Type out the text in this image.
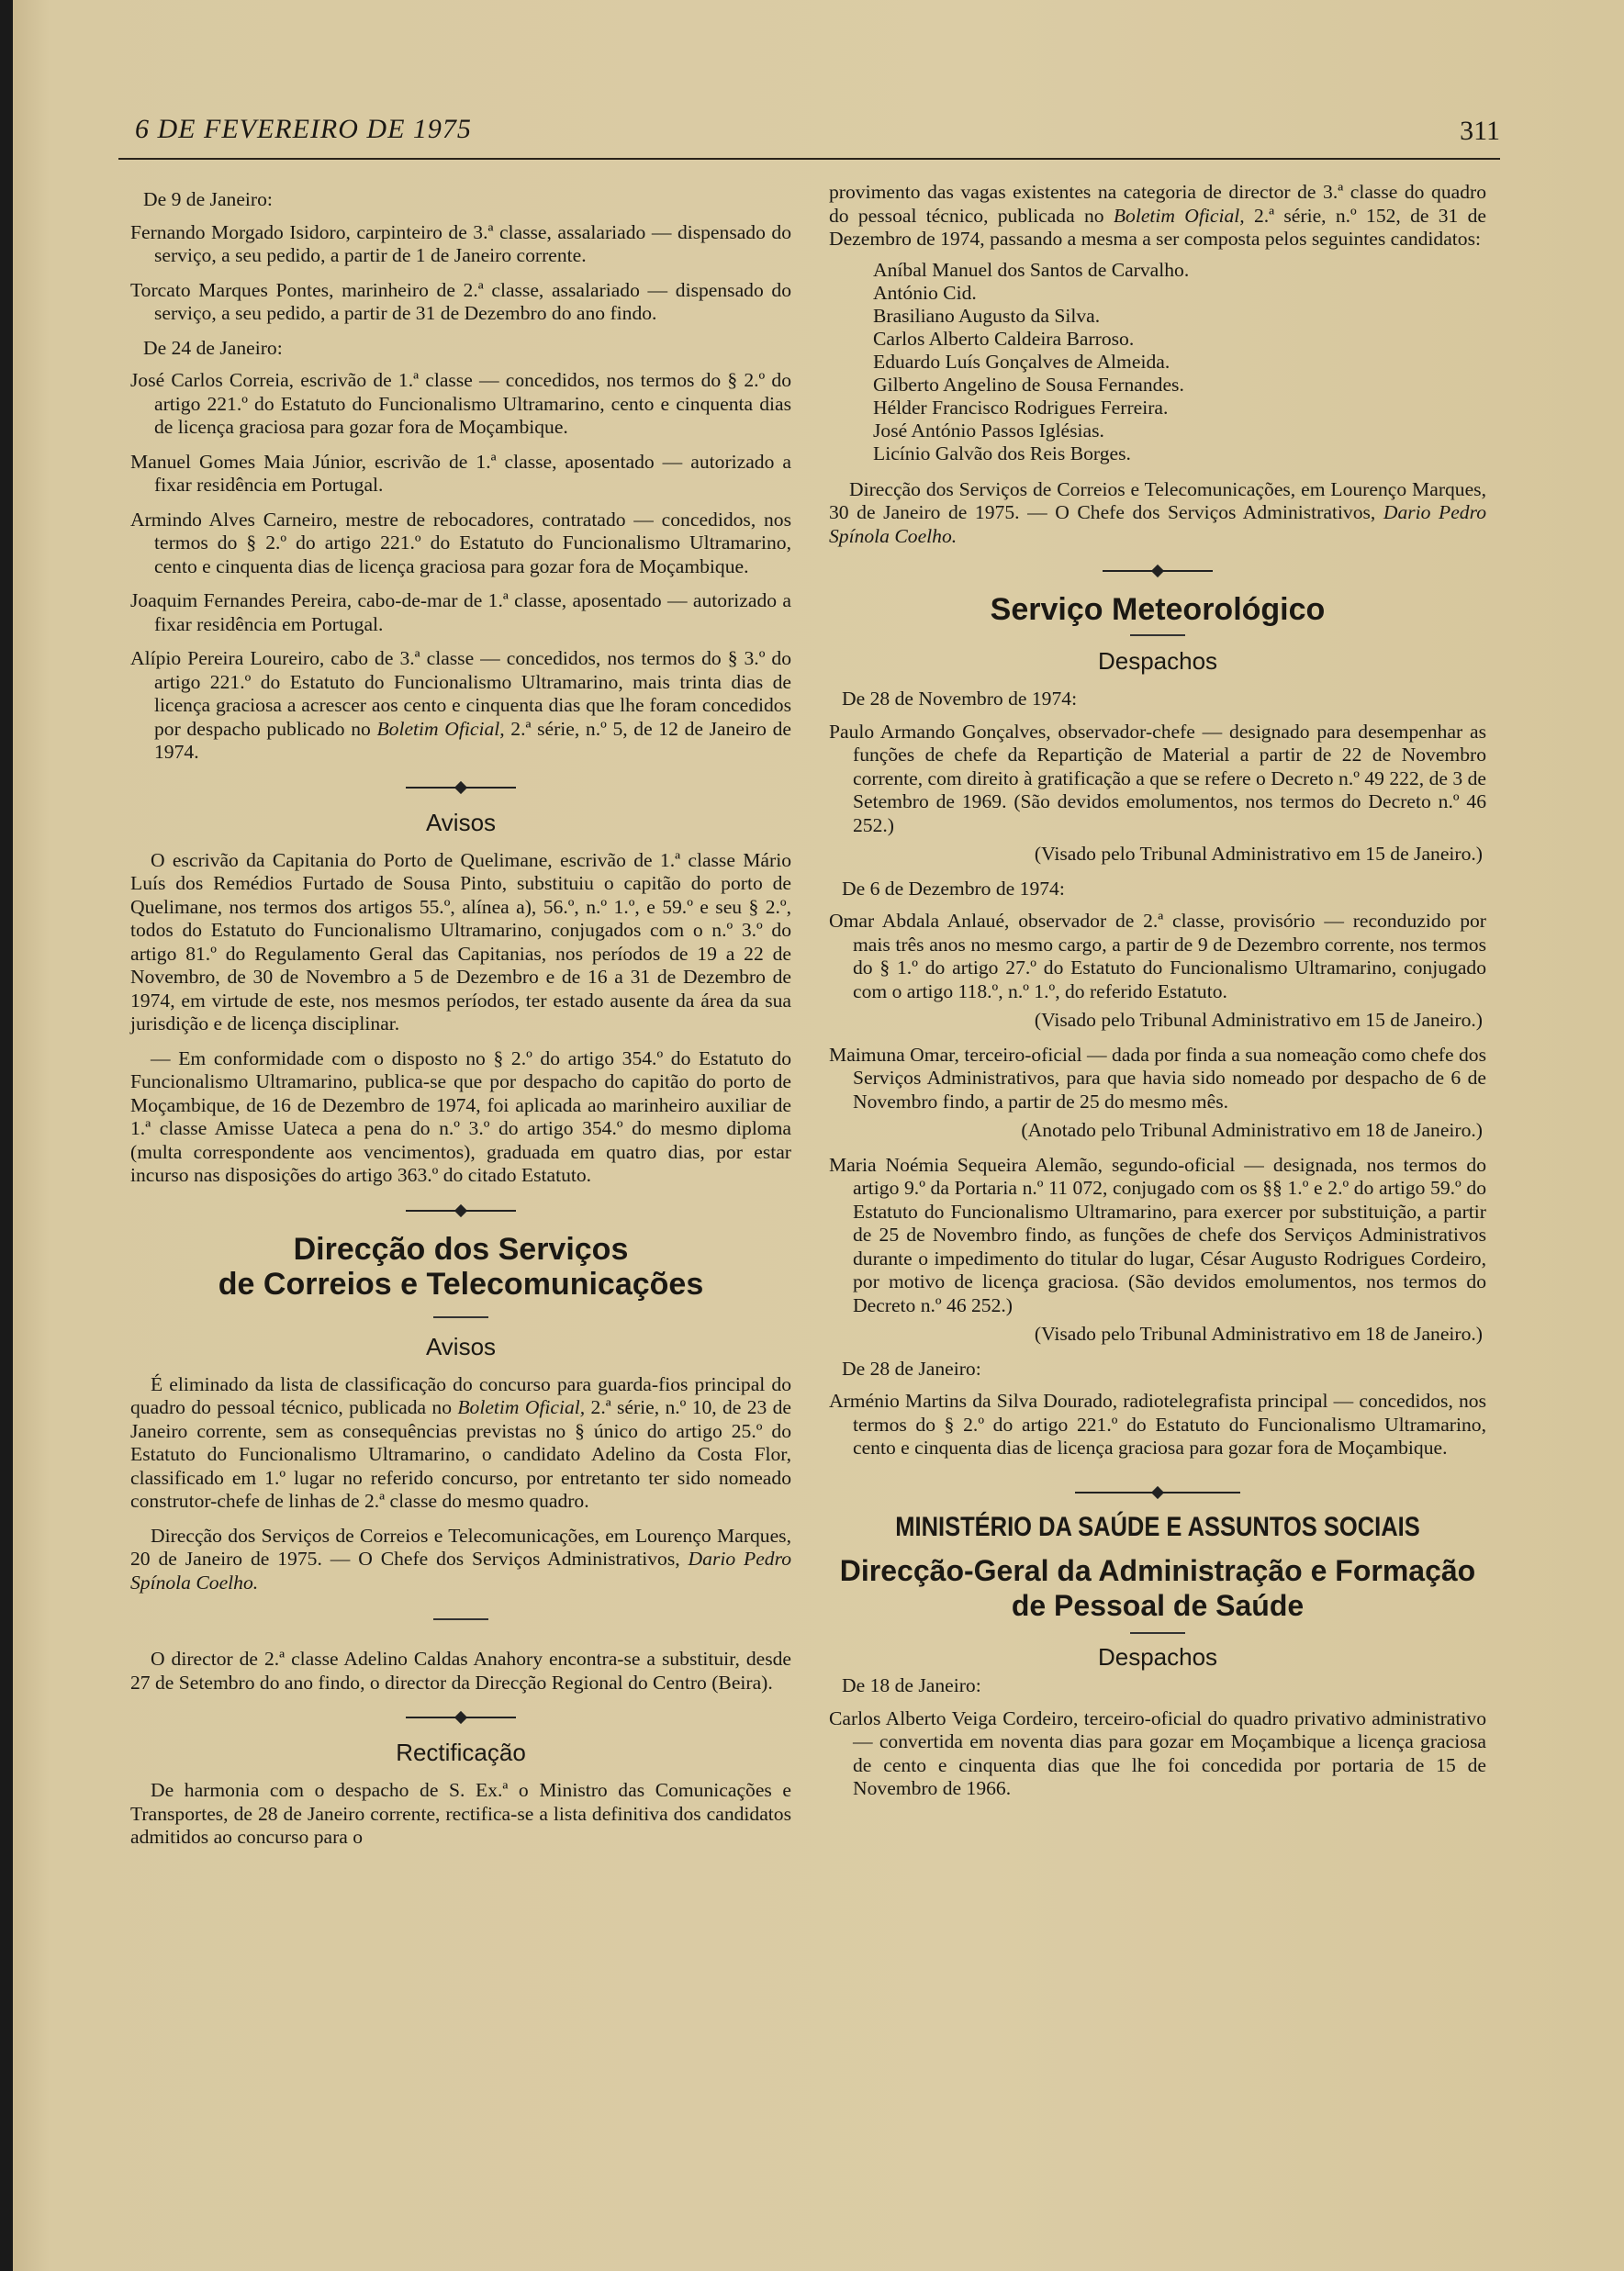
6 DE FEVEREIRO DE 1975	311

De 9 de Janeiro:

Fernando Morgado Isidoro, carpinteiro de 3.ª classe, assalariado — dispensado do serviço, a seu pedido, a partir de 1 de Janeiro corrente.

Torcato Marques Pontes, marinheiro de 2.ª classe, assalariado — dispensado do serviço, a seu pedido, a partir de 31 de Dezembro do ano findo.

De 24 de Janeiro:

José Carlos Correia, escrivão de 1.ª classe — concedidos, nos termos do § 2.º do artigo 221.º do Estatuto do Funcionalismo Ultramarino, cento e cinquenta dias de licença graciosa para gozar fora de Moçambique.

Manuel Gomes Maia Júnior, escrivão de 1.ª classe, aposentado — autorizado a fixar residência em Portugal.

Armindo Alves Carneiro, mestre de rebocadores, contratado — concedidos, nos termos do § 2.º do artigo 221.º do Estatuto do Funcionalismo Ultramarino, cento e cinquenta dias de licença graciosa para gozar fora de Moçambique.

Joaquim Fernandes Pereira, cabo-de-mar de 1.ª classe, aposentado — autorizado a fixar residência em Portugal.

Alípio Pereira Loureiro, cabo de 3.ª classe — concedidos, nos termos do § 3.º do artigo 221.º do Estatuto do Funcionalismo Ultramarino, mais trinta dias de licença graciosa a acrescer aos cento e cinquenta dias que lhe foram concedidos por despacho publicado no Boletim Oficial, 2.ª série, n.º 5, de 12 de Janeiro de 1974.

Avisos

O escrivão da Capitania do Porto de Quelimane, escrivão de 1.ª classe Mário Luís dos Remédios Furtado de Sousa Pinto, substituiu o capitão do porto de Quelimane, nos termos dos artigos 55.º, alínea a), 56.º, n.º 1.º, e 59.º e seu § 2.º, todos do Estatuto do Funcionalismo Ultramarino, conjugados com o n.º 3.º do artigo 81.º do Regulamento Geral das Capitanias, nos períodos de 19 a 22 de Novembro, de 30 de Novembro a 5 de Dezembro e de 16 a 31 de Dezembro de 1974, em virtude de este, nos mesmos períodos, ter estado ausente da área da sua jurisdição e de licença disciplinar.

— Em conformidade com o disposto no § 2.º do artigo 354.º do Estatuto do Funcionalismo Ultramarino, publica-se que por despacho do capitão do porto de Moçambique, de 16 de Dezembro de 1974, foi aplicada ao marinheiro auxiliar de 1.ª classe Amisse Uateca a pena do n.º 3.º do artigo 354.º do mesmo diploma (multa correspondente aos vencimentos), graduada em quatro dias, por estar incurso nas disposições do artigo 363.º do citado Estatuto.

Direcção dos Serviços
de Correios e Telecomunicações
Avisos

É eliminado da lista de classificação do concurso para guarda-fios principal do quadro do pessoal técnico, publicada no Boletim Oficial, 2.ª série, n.º 10, de 23 de Janeiro corrente, sem as consequências previstas no § único do artigo 25.º do Estatuto do Funcionalismo Ultramarino, o candidato Adelino da Costa Flor, classificado em 1.º lugar no referido concurso, por entretanto ter sido nomeado construtor-chefe de linhas de 2.ª classe do mesmo quadro.

Direcção dos Serviços de Correios e Telecomunicações, em Lourenço Marques, 20 de Janeiro de 1975. — O Chefe dos Serviços Administrativos, Dario Pedro Spínola Coelho.

O director de 2.ª classe Adelino Caldas Anahory encontra-se a substituir, desde 27 de Setembro do ano findo, o director da Direcção Regional do Centro (Beira).

Rectificação

De harmonia com o despacho de S. Ex.ª o Ministro das Comunicações e Transportes, de 28 de Janeiro corrente, rectifica-se a lista definitiva dos candidatos admitidos ao concurso para o

provimento das vagas existentes na categoria de director de 3.ª classe do quadro do pessoal técnico, publicada no Boletim Oficial, 2.ª série, n.º 152, de 31 de Dezembro de 1974, passando a mesma a ser composta pelos seguintes candidatos:

Aníbal Manuel dos Santos de Carvalho.
António Cid.
Brasiliano Augusto da Silva.
Carlos Alberto Caldeira Barroso.
Eduardo Luís Gonçalves de Almeida.
Gilberto Angelino de Sousa Fernandes.
Hélder Francisco Rodrigues Ferreira.
José António Passos Iglésias.
Licínio Galvão dos Reis Borges.

Direcção dos Serviços de Correios e Telecomunicações, em Lourenço Marques, 30 de Janeiro de 1975. — O Chefe dos Serviços Administrativos, Dario Pedro Spínola Coelho.

Serviço Meteorológico
Despachos

De 28 de Novembro de 1974:

Paulo Armando Gonçalves, observador-chefe — designado para desempenhar as funções de chefe da Repartição de Material a partir de 22 de Novembro corrente, com direito à gratificação a que se refere o Decreto n.º 49 222, de 3 de Setembro de 1969. (São devidos emolumentos, nos termos do Decreto n.º 46 252.)

(Visado pelo Tribunal Administrativo em 15 de Janeiro.)

De 6 de Dezembro de 1974:

Omar Abdala Anlaué, observador de 2.ª classe, provisório — reconduzido por mais três anos no mesmo cargo, a partir de 9 de Dezembro corrente, nos termos do § 1.º do artigo 27.º do Estatuto do Funcionalismo Ultramarino, conjugado com o artigo 118.º, n.º 1.º, do referido Estatuto.

(Visado pelo Tribunal Administrativo em 15 de Janeiro.)

Maimuna Omar, terceiro-oficial — dada por finda a sua nomeação como chefe dos Serviços Administrativos, para que havia sido nomeado por despacho de 6 de Novembro findo, a partir de 25 do mesmo mês.

(Anotado pelo Tribunal Administrativo em 18 de Janeiro.)

Maria Noémia Sequeira Alemão, segundo-oficial — designada, nos termos do artigo 9.º da Portaria n.º 11 072, conjugado com os §§ 1.º e 2.º do artigo 59.º do Estatuto do Funcionalismo Ultramarino, para exercer por substituição, a partir de 25 de Novembro findo, as funções de chefe dos Serviços Administrativos durante o impedimento do titular do lugar, César Augusto Rodrigues Cordeiro, por motivo de licença graciosa. (São devidos emolumentos, nos termos do Decreto n.º 46 252.)

(Visado pelo Tribunal Administrativo em 18 de Janeiro.)

De 28 de Janeiro:

Arménio Martins da Silva Dourado, radiotelegrafista principal — concedidos, nos termos do § 2.º do artigo 221.º do Estatuto do Funcionalismo Ultramarino, cento e cinquenta dias de licença graciosa para gozar fora de Moçambique.

MINISTÉRIO DA SAÚDE E ASSUNTOS SOCIAIS
Direcção-Geral da Administração e Formação
de Pessoal de Saúde
Despachos

De 18 de Janeiro:

Carlos Alberto Veiga Cordeiro, terceiro-oficial do quadro privativo administrativo — convertida em noventa dias para gozar em Moçambique a licença graciosa de cento e cinquenta dias que lhe foi concedida por portaria de 15 de Novembro de 1966.
